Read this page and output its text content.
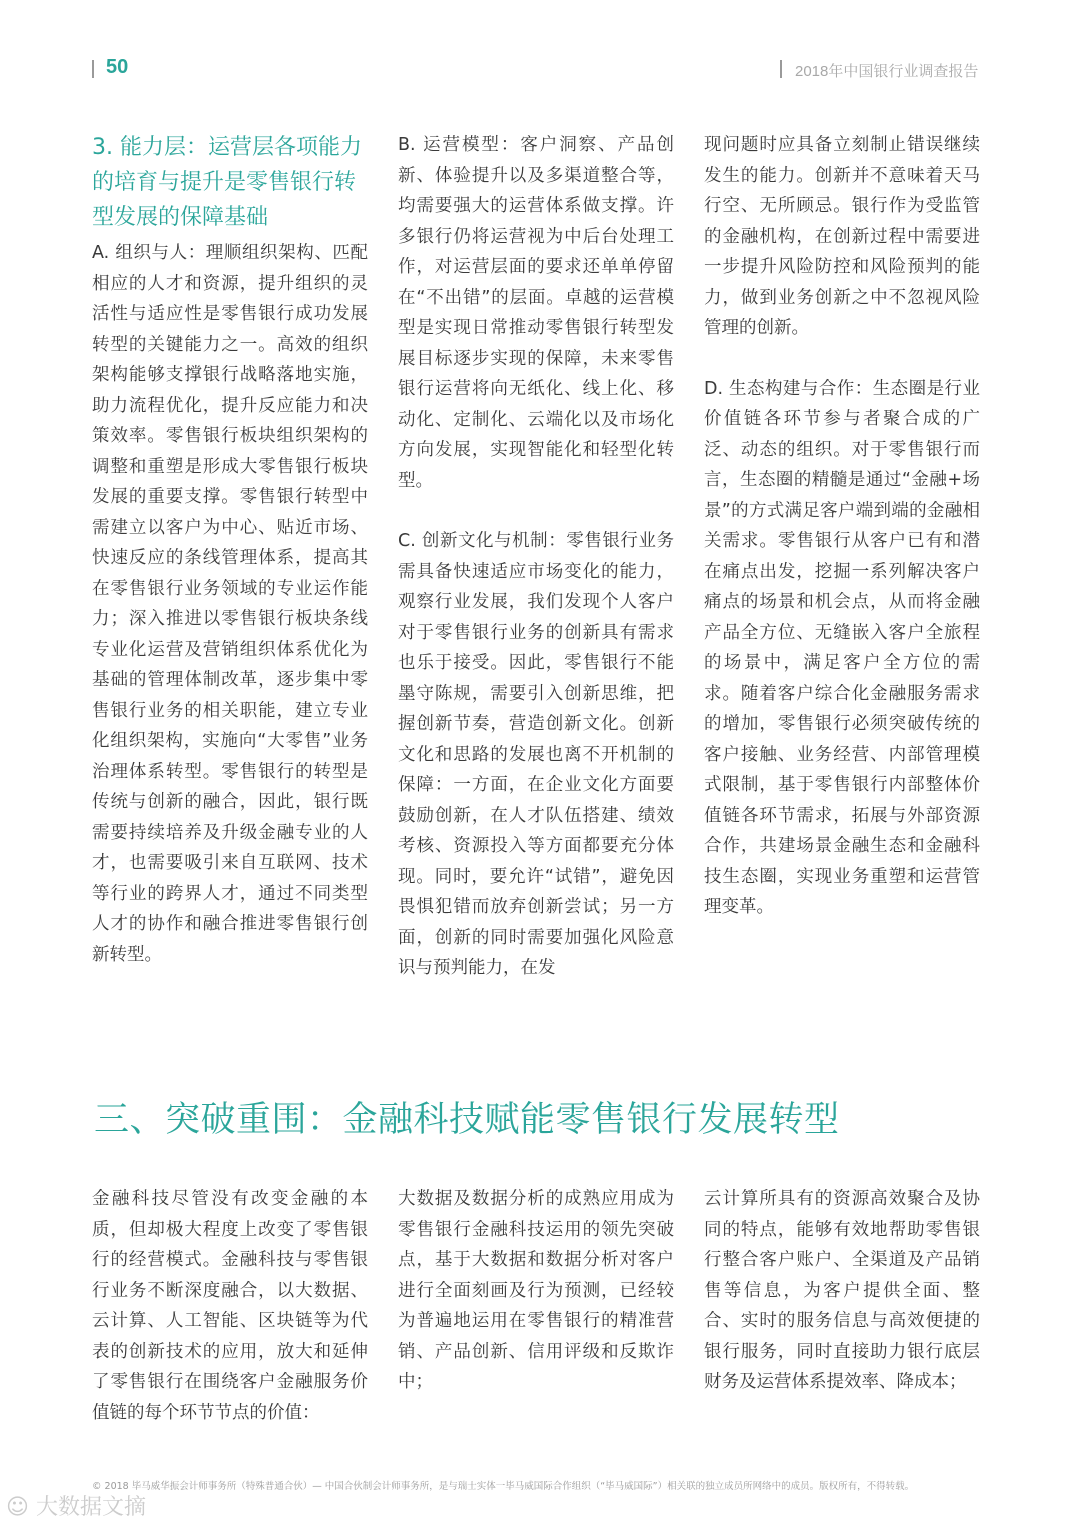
50	2018年中国银行业调查报告
3. 能力层：运营层各项能力的培育与提升是零售银行转型发展的保障基础

A. 组织与人：理顺组织架构、匹配相应的人才和资源，提升组织的灵活性与适应性是零售银行成功发展转型的关键能力之一。高效的组织架构能够支撑银行战略落地实施，助力流程优化，提升反应能力和决策效率。零售银行板块组织架构的调整和重塑是形成大零售银行板块发展的重要支撑。零售银行转型中需建立以客户为中心、贴近市场、快速反应的条线管理体系，提高其在零售银行业务领域的专业运作能力；深入推进以零售银行板块条线专业化运营及营销组织体系优化为基础的管理体制改革，逐步集中零售银行业务的相关职能，建立专业化组织架构，实施向“大零售”业务治理体系转型。零售银行的转型是传统与创新的融合，因此，银行既需要持续培养及升级金融专业的人才，也需要吸引来自互联网、技术等行业的跨界人才，通过不同类型人才的协作和融合推进零售银行创新转型。

B. 运营模型：客户洞察、产品创新、体验提升以及多渠道整合等，均需要强大的运营体系做支撑。许多银行仍将运营视为中后台处理工作，对运营层面的要求还单单停留在“不出错”的层面。卓越的运营模型是实现日常推动零售银行转型发展目标逐步实现的保障，未来零售银行运营将向无纸化、线上化、移动化、定制化、云端化以及市场化方向发展，实现智能化和轻型化转型。

C. 创新文化与机制：零售银行业务需具备快速适应市场变化的能力，观察行业发展，我们发现个人客户对于零售银行业务的创新具有需求也乐于接受。因此，零售银行不能墨守陈规，需要引入创新思维，把握创新节奏，营造创新文化。创新文化和思路的发展也离不开机制的保障：一方面，在企业文化方面要鼓励创新，在人才队伍搭建、绩效考核、资源投入等方面都要充分体现。同时，要允许“试错”，避免因畏惧犯错而放弃创新尝试；另一方面，创新的同时需要加强化风险意识与预判能力，在发

现问题时应具备立刻制止错误继续发生的能力。创新并不意味着天马行空、无所顾忌。银行作为受监管的金融机构，在创新过程中需要进一步提升风险防控和风险预判的能力，做到业务创新之中不忽视风险管理的创新。

D. 生态构建与合作：生态圈是行业价值链各环节参与者聚合成的广泛、动态的组织。对于零售银行而言，生态圈的精髓是通过“金融+场景”的方式满足客户端到端的金融相关需求。零售银行从客户已有和潜在痛点出发，挖掘一系列解决客户痛点的场景和机会点，从而将金融产品全方位、无缝嵌入客户全旅程的场景中，满足客户全方位的需求。随着客户综合化金融服务需求的增加，零售银行必须突破传统的客户接触、业务经营、内部管理模式限制，基于零售银行内部整体价值链各环节需求，拓展与外部资源合作，共建场景金融生态和金融科技生态圈，实现业务重塑和运营管理变革。

三、突破重围：金融科技赋能零售银行发展转型

金融科技尽管没有改变金融的本质，但却极大程度上改变了零售银行的经营模式。金融科技与零售银行业务不断深度融合，以大数据、云计算、人工智能、区块链等为代表的创新技术的应用，放大和延伸了零售银行在围绕客户金融服务价值链的每个环节节点的价值：

大数据及数据分析的成熟应用成为零售银行金融科技运用的领先突破点，基于大数据和数据分析对客户进行全面刻画及行为预测，已经较为普遍地运用在零售银行的精准营销、产品创新、信用评级和反欺诈中；

云计算所具有的资源高效聚合及协同的特点，能够有效地帮助零售银行整合客户账户、全渠道及产品销售等信息，为客户提供全面、整合、实时的服务信息与高效便捷的银行服务，同时直接助力银行底层财务及运营体系提效率、降成本；

© 2018 毕马威华振会计师事务所（特殊普通合伙）— 中国合伙制会计师事务所，是与瑞士实体一毕马威国际合作组织（“毕马威国际”）相关联的独立成员所网络中的成员。版权所有，不得转载。
☺ 大数据文摘
